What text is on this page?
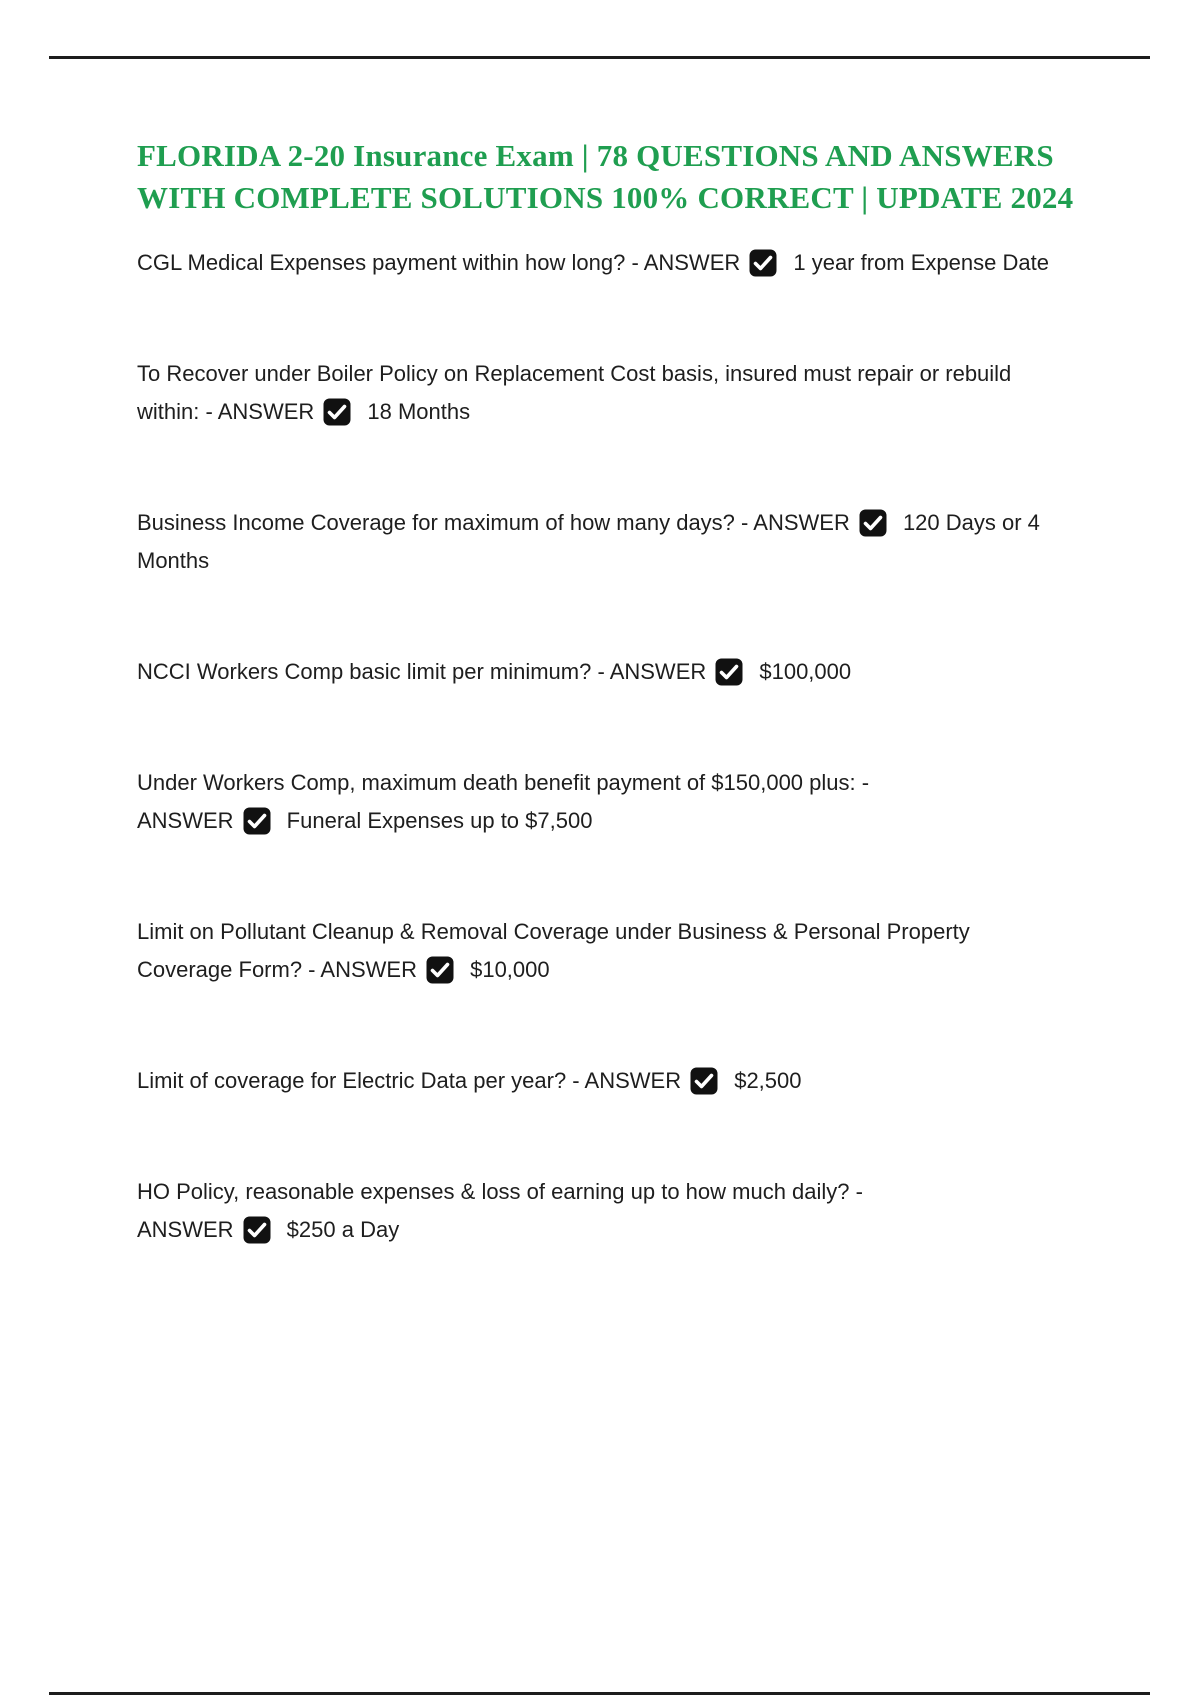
FLORIDA 2-20 Insurance Exam | 78 QUESTIONS AND ANSWERS WITH COMPLETE SOLUTIONS 100% CORRECT | UPDATE 2024

CGL Medical Expenses payment within how long? - ANSWER 1 year from Expense Date

To Recover under Boiler Policy on Replacement Cost basis, insured must repair or rebuild within: - ANSWER 18 Months

Business Income Coverage for maximum of how many days? - ANSWER 120 Days or 4 Months

NCCI Workers Comp basic limit per minimum? - ANSWER $100,000

Under Workers Comp, maximum death benefit payment of $150,000 plus: -
ANSWER Funeral Expenses up to $7,500

Limit on Pollutant Cleanup & Removal Coverage under Business & Personal Property Coverage Form? - ANSWER $10,000

Limit of coverage for Electric Data per year? - ANSWER $2,500

HO Policy, reasonable expenses & loss of earning up to how much daily? -
ANSWER $250 a Day
